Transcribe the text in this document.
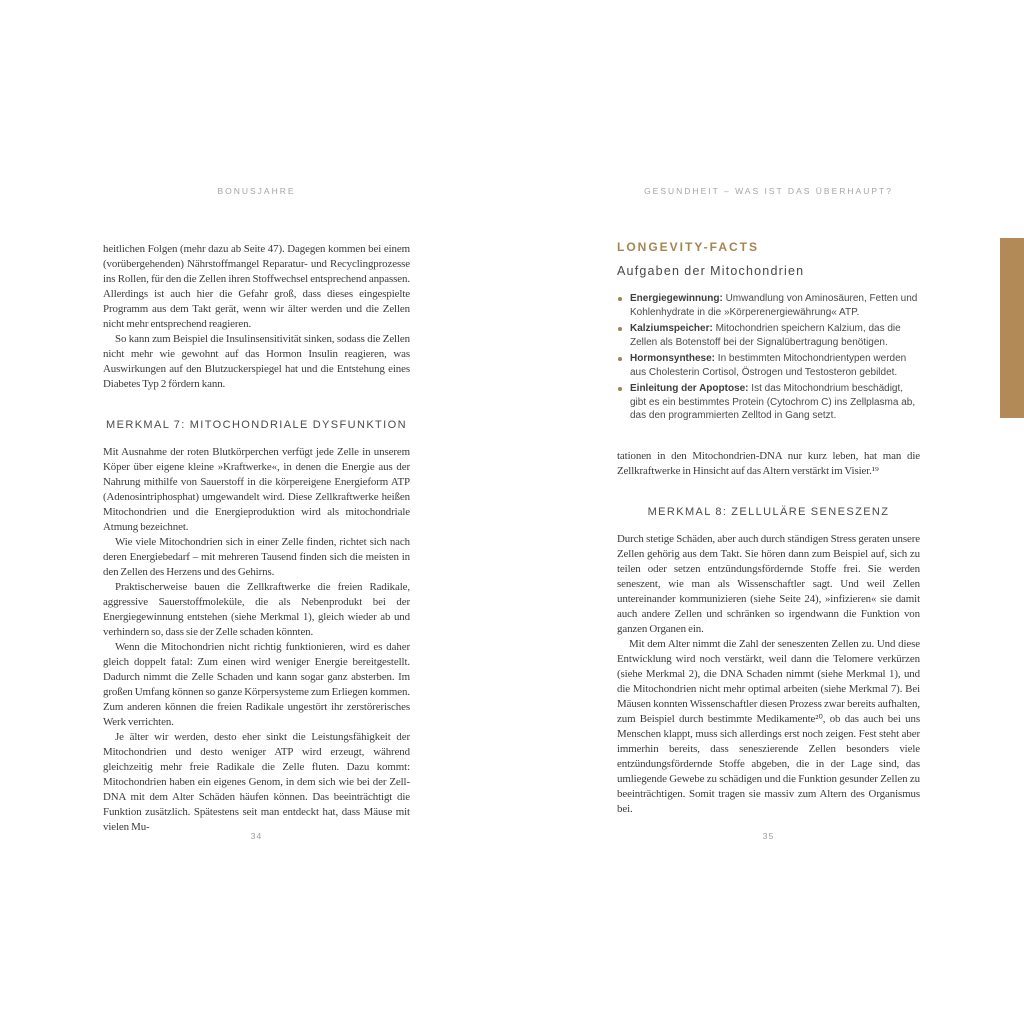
BONUSJAHRE	GESUNDHEIT – WAS IST DAS ÜBERHAUPT?

heitlichen Folgen (mehr dazu ab Seite 47). Dagegen kommen bei einem (vorübergehenden) Nährstoffmangel Reparatur- und Recyclingprozesse ins Rollen, für den die Zellen ihren Stoffwechsel entsprechend anpassen. Allerdings ist auch hier die Gefahr groß, dass dieses eingespielte Programm aus dem Takt gerät, wenn wir älter werden und die Zellen nicht mehr entsprechend reagieren.

So kann zum Beispiel die Insulinsensitivität sinken, sodass die Zellen nicht mehr wie gewohnt auf das Hormon Insulin reagieren, was Auswirkungen auf den Blutzuckerspiegel hat und die Entstehung eines Diabetes Typ 2 fördern kann.

MERKMAL 7: MITOCHONDRIALE DYSFUNKTION

Mit Ausnahme der roten Blutkörperchen verfügt jede Zelle in unserem Köper über eigene kleine »Kraftwerke«, in denen die Energie aus der Nahrung mithilfe von Sauerstoff in die körpereigene Energieform ATP (Adenosintriphosphat) umgewandelt wird. Diese Zellkraftwerke heißen Mitochondrien und die Energieproduktion wird als mitochondriale Atmung bezeichnet.

Wie viele Mitochondrien sich in einer Zelle finden, richtet sich nach deren Energiebedarf – mit mehreren Tausend finden sich die meisten in den Zellen des Herzens und des Gehirns.

Praktischerweise bauen die Zellkraftwerke die freien Radikale, aggressive Sauerstoffmoleküle, die als Nebenprodukt bei der Energiegewinnung entstehen (siehe Merkmal 1), gleich wieder ab und verhindern so, dass sie der Zelle schaden könnten.

Wenn die Mitochondrien nicht richtig funktionieren, wird es daher gleich doppelt fatal: Zum einen wird weniger Energie bereitgestellt. Dadurch nimmt die Zelle Schaden und kann sogar ganz absterben. Im großen Umfang können so ganze Körpersysteme zum Erliegen kommen. Zum anderen können die freien Radikale ungestört ihr zerstörerisches Werk verrichten.

Je älter wir werden, desto eher sinkt die Leistungsfähigkeit der Mitochondrien und desto weniger ATP wird erzeugt, während gleichzeitig mehr freie Radikale die Zelle fluten. Dazu kommt: Mitochondrien haben ein eigenes Genom, in dem sich wie bei der Zell-DNA mit dem Alter Schäden häufen können. Das beeinträchtigt die Funktion zusätzlich. Spätestens seit man entdeckt hat, dass Mäuse mit vielen Mu-

LONGEVITY-FACTS
Aufgaben der Mitochondrien
Energiegewinnung: Umwandlung von Aminosäuren, Fetten und Kohlenhydrate in die »Körperenergiewährung« ATP.
Kalziumspeicher: Mitochondrien speichern Kalzium, das die Zellen als Botenstoff bei der Signalübertragung benötigen.
Hormonsynthese: In bestimmten Mitochondrientypen werden aus Cholesterin Cortisol, Östrogen und Testosteron gebildet.
Einleitung der Apoptose: Ist das Mitochondrium beschädigt, gibt es ein bestimmtes Protein (Cytochrom C) ins Zellplasma ab, das den programmierten Zelltod in Gang setzt.

tationen in den Mitochondrien-DNA nur kurz leben, hat man die Zellkraftwerke in Hinsicht auf das Altern verstärkt im Visier.¹⁹

MERKMAL 8: ZELLULÄRE SENESZENZ

Durch stetige Schäden, aber auch durch ständigen Stress geraten unsere Zellen gehörig aus dem Takt. Sie hören dann zum Beispiel auf, sich zu teilen oder setzen entzündungsfördernde Stoffe frei. Sie werden seneszent, wie man als Wissenschaftler sagt. Und weil Zellen untereinander kommunizieren (siehe Seite 24), »infizieren« sie damit auch andere Zellen und schränken so irgendwann die Funktion von ganzen Organen ein.

Mit dem Alter nimmt die Zahl der seneszenten Zellen zu. Und diese Entwicklung wird noch verstärkt, weil dann die Telomere verkürzen (siehe Merkmal 2), die DNA Schaden nimmt (siehe Merkmal 1), und die Mitochondrien nicht mehr optimal arbeiten (siehe Merkmal 7). Bei Mäusen konnten Wissenschaftler diesen Prozess zwar bereits aufhalten, zum Beispiel durch bestimmte Medikamente²⁰, ob das auch bei uns Menschen klappt, muss sich allerdings erst noch zeigen. Fest steht aber immerhin bereits, dass seneszierende Zellen besonders viele entzündungsfördernde Stoffe abgeben, die in der Lage sind, das umliegende Gewebe zu schädigen und die Funktion gesunder Zellen zu beeinträchtigen. Somit tragen sie massiv zum Altern des Organismus bei.

34	35
